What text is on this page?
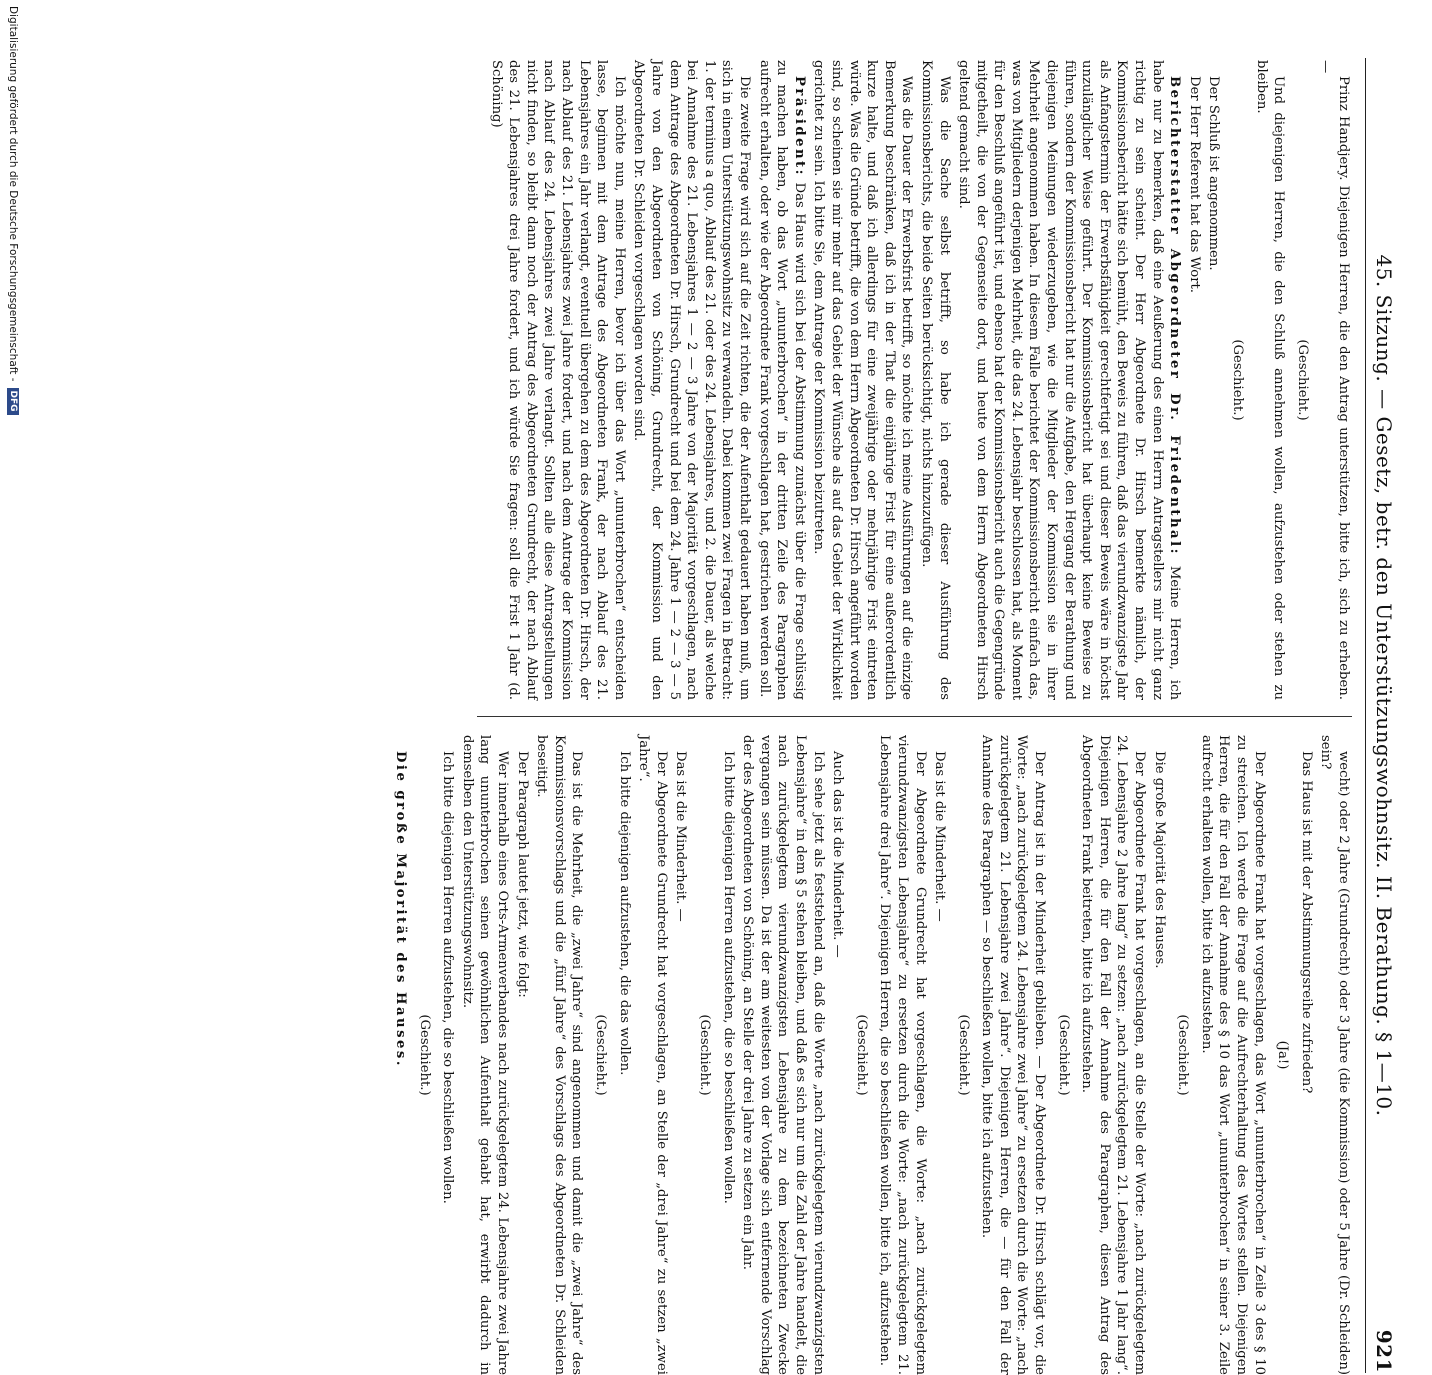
45. Sitzung. — Gesetz, betr. den Unterstützungswohnsitz. II. Berathung. § 1—10.
921

Prinz Handjery. Diejenigen Herren, die den Antrag unterstützen, bitte ich, sich zu erheben. —

(Geschieht.)

Und diejenigen Herren, die den Schluß annehmen wollen, aufzustehen oder stehen zu bleiben.

(Geschieht.)

Der Schluß ist angenommen.

Der Herr Referent hat das Wort.

Berichterstatter Abgeordneter Dr. Friedenthal: Meine Herren, ich habe nur zu bemerken, daß eine Aeußerung des einen Herrn Antragstellers mir nicht ganz richtig zu sein scheint. Der Herr Abgeordnete Dr. Hirsch bemerkte nämlich, der Kommissionsbericht hätte sich bemüht, den Beweis zu führen, daß das vierundzwanzigste Jahr als Anfangstermin der Erwerbsfähigkeit gerechtfertigt sei und dieser Beweis wäre in höchst unzulänglicher Weise geführt. Der Kommissionsbericht hat überhaupt keine Beweise zu führen, sondern der Kommissionsbericht hat nur die Aufgabe, den Hergang der Berathung und diejenigen Meinungen wiederzugeben, wie die Mitglieder der Kommission sie in ihrer Mehrheit angenommen haben. In diesem Falle berichtet der Kommissionsbericht einfach das, was von Mitgliedern derjenigen Mehrheit, die das 24. Lebensjahr beschlossen hat, als Moment für den Beschluß angeführt ist, und ebenso hat der Kommissionsbericht auch die Gegengründe mitgetheilt, die von der Gegenseite dort, und heute von dem Herrn Abgeordneten Hirsch geltend gemacht sind.

Was die Sache selbst betrifft, so habe ich gerade dieser Ausführung des Kommissionsberichts, die beide Seiten berücksichtigt, nichts hinzuzufügen.

Was die Dauer der Erwerbsfrist betrifft, so möchte ich meine Ausführungen auf die einzige Bemerkung beschränken, daß ich in der That die einjährige Frist für eine außerordentlich kurze halte, und daß ich allerdings für eine zweijährige oder mehrjährige Frist eintreten würde. Was die Gründe betrifft, die von dem Herrn Abgeordneten Dr. Hirsch angeführt worden sind, so scheinen sie mir mehr auf das Gebiet der Wünsche als auf das Gebiet der Wirklichkeit gerichtet zu sein. Ich bitte Sie, dem Antrage der Kommission beizutreten.

Präsident: Das Haus wird sich bei der Abstimmung zunächst über die Frage schlüssig zu machen haben, ob das Wort „ununterbrochen“ in der dritten Zeile des Paragraphen aufrecht erhalten, oder wie der Abgeordnete Frank vorgeschlagen hat, gestrichen werden soll.

Die zweite Frage wird sich auf die Zeit richten, die der Aufenthalt gedauert haben muß, um sich in einem Unterstützungswohnsitz zu verwandeln. Dabei kommen zwei Fragen in Betracht: 1. der terminus a quo, Ablauf des 21. oder des 24. Lebensjahres, und 2. die Dauer, als welche bei Annahme des 21. Lebensjahres 1 — 2 — 3 Jahre von der Majorität vorgeschlagen, nach dem Antrage des Abgeordneten Dr. Hirsch, Grundrecht und bei dem 24. Jahre 1 — 2 — 3 — 5 Jahre von den Abgeordneten von Schöning, Grundrecht, der Kommission und den Abgeordneten Dr. Schleiden vorgeschlagen worden sind.

Ich möchte nun, meine Herren, bevor ich über das Wort „ununterbrochen“ entscheiden lasse, beginnen mit dem Antrage des Abgeordneten Frank, der nach Ablauf des 21. Lebensjahres ein Jahr verlangt, eventuell übergehen zu dem des Abgeordneten Dr. Hirsch, der nach Ablauf des 21. Lebensjahres zwei Jahre fordert, und nach dem Antrage der Kommission nach Ablauf des 24. Lebensjahres zwei Jahre verlangt. Sollten alle diese Antragstellungen nicht finden, so bleibt dann noch der Antrag des Abgeordneten Grundrecht, der nach Ablauf des 21. Lebensjahres drei Jahre fordert, und ich würde Sie fragen: soll die Frist 1 Jahr (d. Schöning)

wecht) oder 2 Jahre (Grundrecht) oder 3 Jahre (die Kommission) oder 5 Jahre (Dr. Schleiden) sein?

Das Haus ist mit der Abstimmungsreihe zufrieden?

(Ja!)

Der Abgeordnete Frank hat vorgeschlagen, das Wort „ununterbrochen“ in Zeile 3 des § 10 zu streichen. Ich werde die Frage auf die Aufrechterhaltung des Wortes stellen. Diejenigen Herren, die für den Fall der Annahme des § 10 das Wort „ununterbrochen“ in seiner 3. Zeile aufrecht erhalten wollen, bitte ich aufzustehen.

(Geschieht.)

Die große Majorität des Hauses.

Der Abgeordnete Frank hat vorgeschlagen, an die Stelle der Worte: „nach zurückgelegtem 24. Lebensjahre 2 Jahre lang“ zu setzen: „nach zurückgelegtem 21. Lebensjahre 1 Jahr lang“. Diejenigen Herren, die für den Fall der Annahme des Paragraphen, diesen Antrag des Abgeordneten Frank beitreten, bitte ich aufzustehen.

(Geschieht.)

Der Antrag ist in der Minderheit geblieben. — Der Abgeordnete Dr. Hirsch schlägt vor, die Worte: „nach zurückgelegtem 24. Lebensjahre zwei Jahre“ zu ersetzen durch die Worte: „nach zurückgelegtem 21. Lebensjahre zwei Jahre“. Diejenigen Herren, die — für den Fall der Annahme des Paragraphen — so beschließen wollen, bitte ich aufzustehen.

(Geschieht.)

Das ist die Minderheit. —

Der Abgeordnete Grundrecht hat vorgeschlagen, die Worte: „nach zurückgelegtem vierundzwanzigsten Lebensjahre“ zu ersetzen durch die Worte: „nach zurückgelegtem 21. Lebensjahre drei Jahre“. Diejenigen Herren, die so beschließen wollen, bitte ich, aufzustehen.

(Geschieht.)

Auch das ist die Minderheit. —

Ich sehe jetzt als feststehend an, daß die Worte „nach zurückgelegtem vierundzwanzigsten Lebensjahre“ in dem § 5 stehen bleiben, und daß es sich nur um die Zahl der Jahre handelt, die nach zurückgelegtem vierundzwanzigsten Lebensjahre zu dem bezeichneten Zwecke vergangen sein müssen. Da ist der am weitesten von der Vorlage sich entfernende Vorschlag der des Abgeordneten von Schöning, an Stelle der drei Jahre zu setzen ein Jahr.

Ich bitte diejenigen Herren aufzustehen, die so beschließen wollen.

(Geschieht.)

Das ist die Minderheit. —

Der Abgeordnete Grundrecht hat vorgeschlagen, an Stelle der „drei Jahre“ zu setzen „zwei Jahre“.

Ich bitte diejenigen aufzustehen, die das wollen.

(Geschieht.)

Das ist die Mehrheit, die „zwei Jahre“ sind angenommen und damit die „zwei Jahre“ des Kommissionsvorschlags und die „fünf Jahre“ des Vorschlags des Abgeordneten Dr. Schleiden beseitigt.

Der Paragraph lautet jetzt, wie folgt:

Wer innerhalb eines Orts-Armenverbandes nach zurückgelegtem 24. Lebensjahre zwei Jahre lang ununterbrochen seinen gewöhnlichen Aufenthalt gehabt hat, erwirbt dadurch in demselben den Unterstützungswohnsitz.

Ich bitte diejenigen Herren aufzustehen, die so beschließen wollen.

(Geschieht.)

Die große Majorität des Hauses.

Digitalisierung gefördert durch die Deutsche Forschungsgemeinschaft -
DFG
